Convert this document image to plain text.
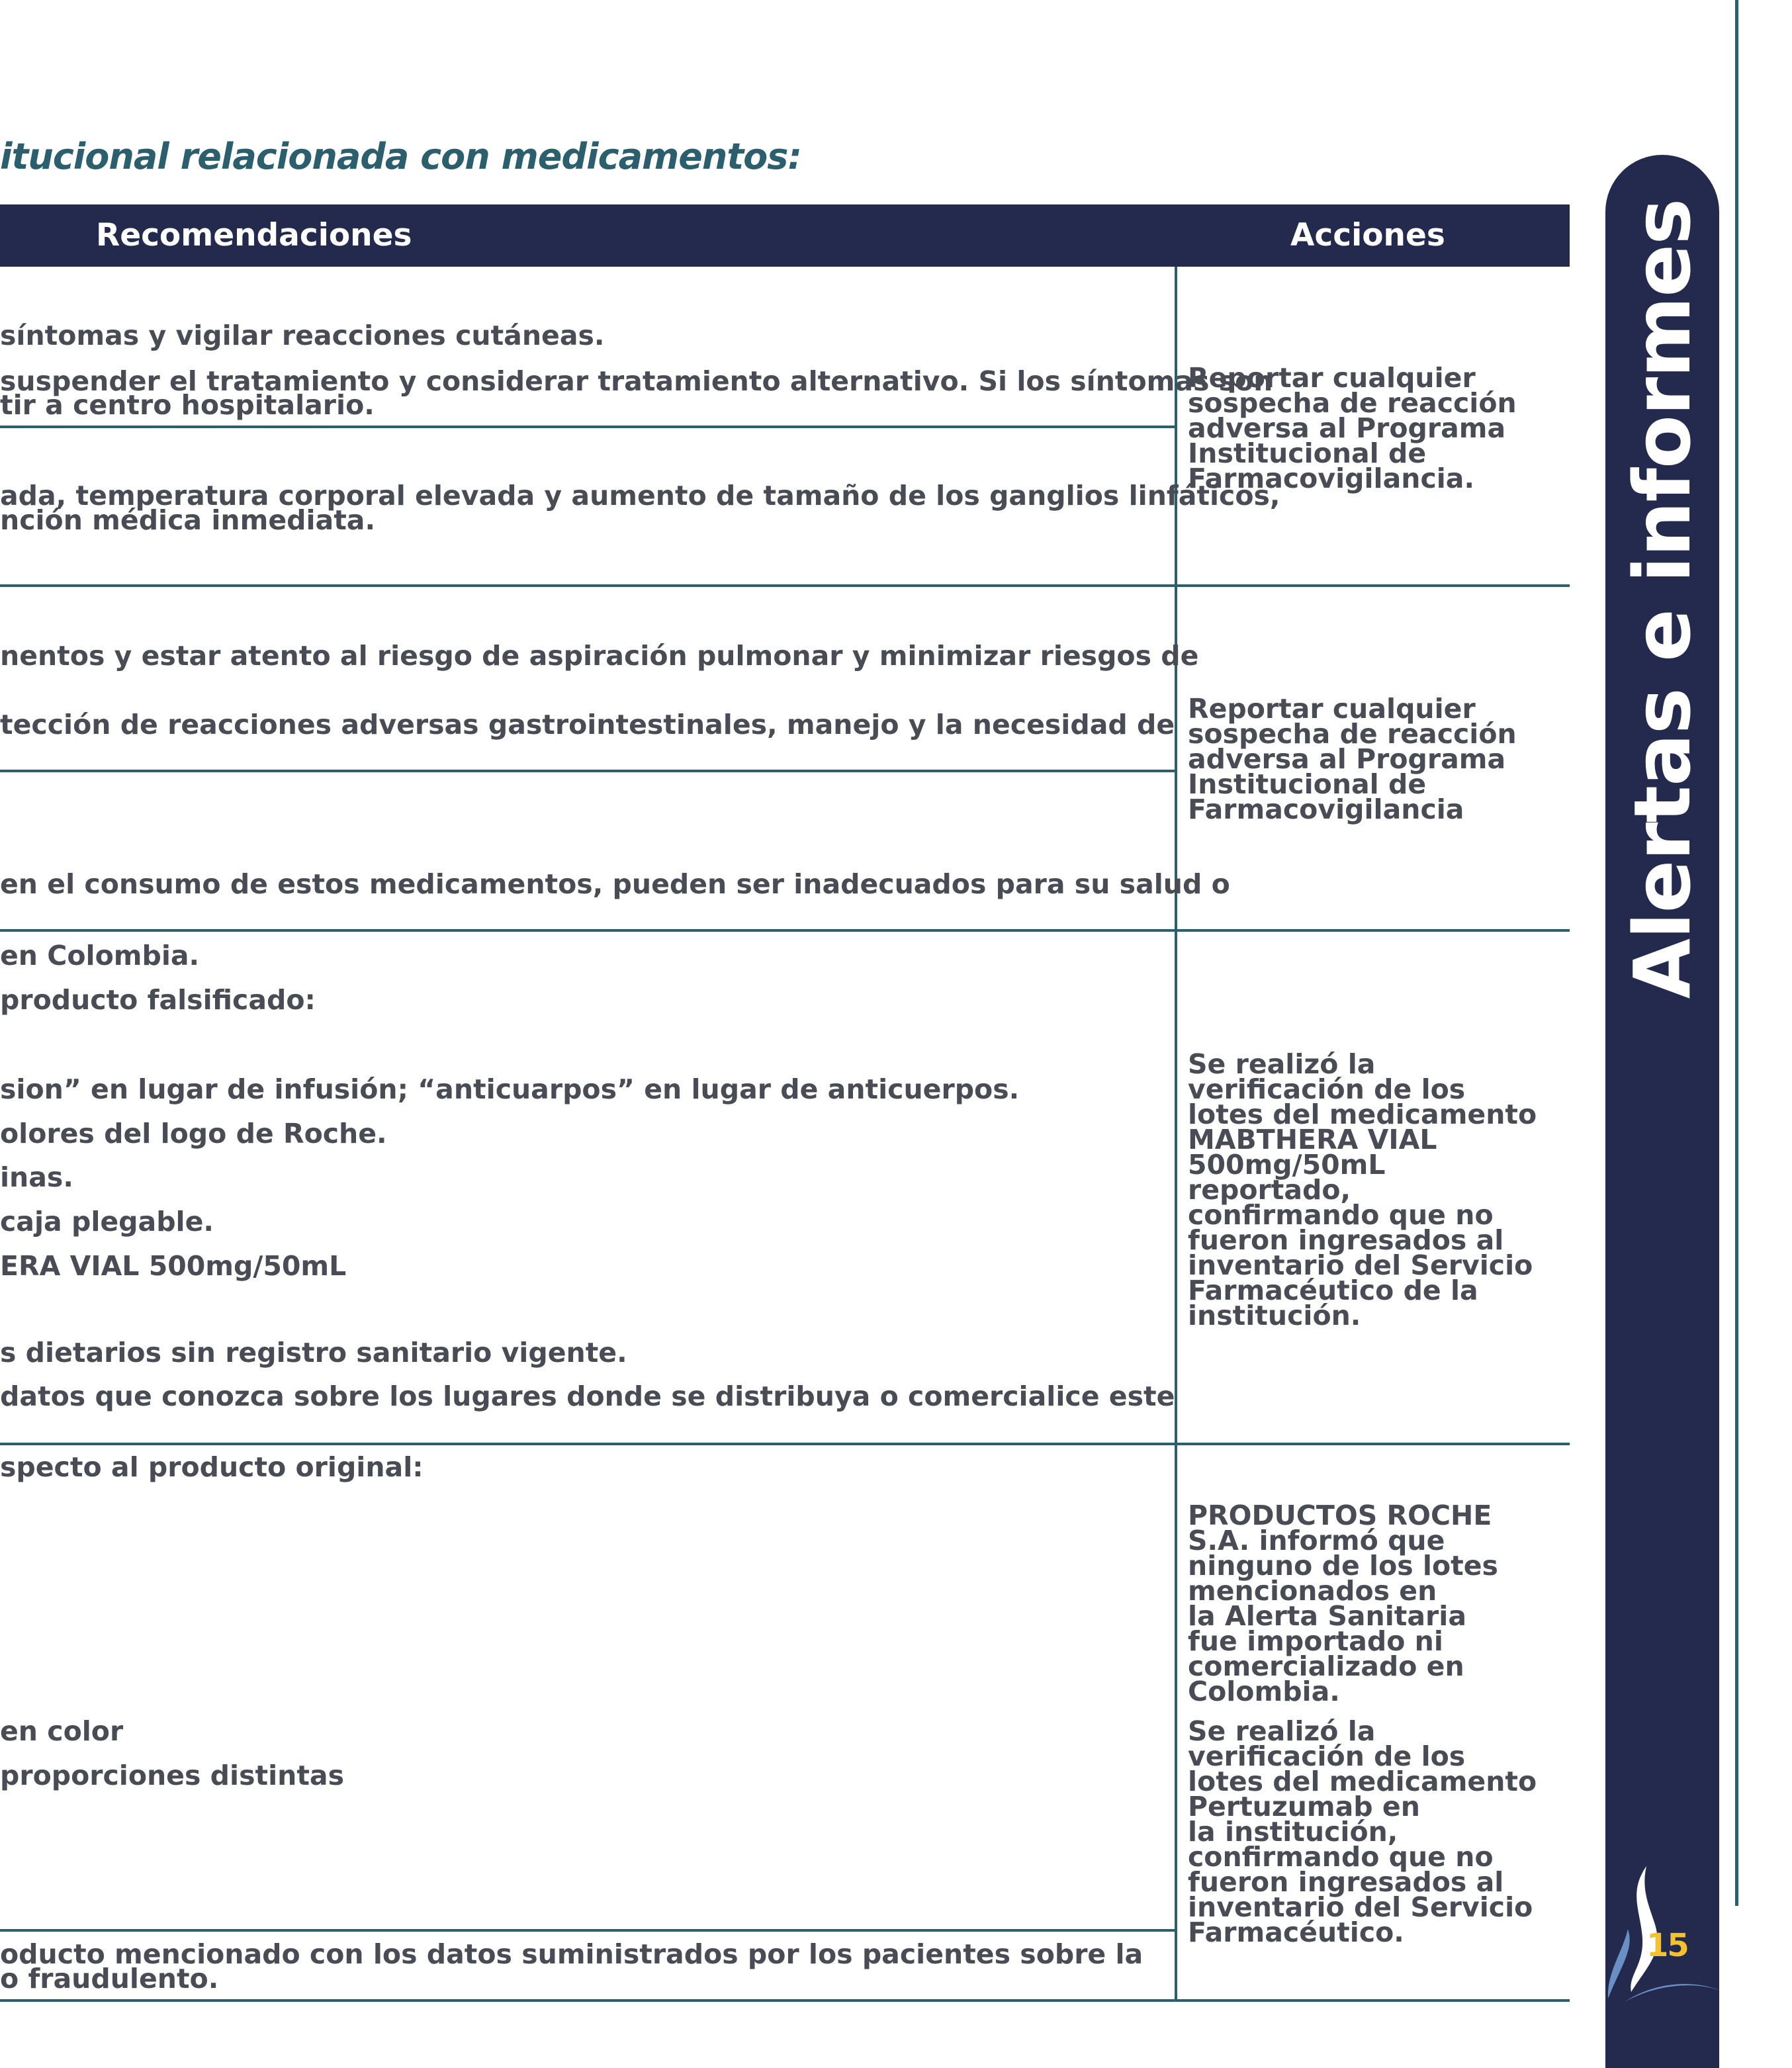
itucional relacionada con medicamentos:
Recomendaciones	Acciones
síntomas y vigilar reacciones cutáneas.
suspender el tratamiento y considerar tratamiento alternativo. Si los síntomas son
tir a centro hospitalario.
ada, temperatura corporal elevada y aumento de tamaño de los ganglios linfáticos,
nción médica inmediata.
nentos y estar atento al riesgo de aspiración pulmonar y minimizar riesgos de
tección de reacciones adversas gastrointestinales, manejo y la necesidad de
en el consumo de estos medicamentos, pueden ser inadecuados para su salud o
en Colombia.
producto falsificado:
sion” en lugar de infusión; “anticuarpos” en lugar de anticuerpos.
olores del logo de Roche.
inas.
caja plegable.
ERA VIAL 500mg/50mL
s dietarios sin registro sanitario vigente.
datos que conozca sobre los lugares donde se distribuya o comercialice este
specto al producto original:
en color
proporciones distintas
oducto mencionado con los datos suministrados por los pacientes sobre la
o fraudulento.

Reportar cualquier
sospecha de reacción
adversa al Programa
Institucional de
Farmacovigilancia.

Reportar cualquier
sospecha de reacción
adversa al Programa
Institucional de
Farmacovigilancia

Se realizó la
verificación de los
lotes del medicamento
MABTHERA VIAL
500mg/50mL
reportado,
confirmando que no
fueron ingresados al
inventario del Servicio
Farmacéutico de la
institución.

PRODUCTOS ROCHE
S.A. informó que
ninguno de los lotes
mencionados en
la Alerta Sanitaria
fue importado ni
comercializado en
Colombia.

Se realizó la
verificación de los
lotes del medicamento
Pertuzumab en
la institución,
confirmando que no
fueron ingresados al
inventario del Servicio
Farmacéutico.

Alertas e informes
15
